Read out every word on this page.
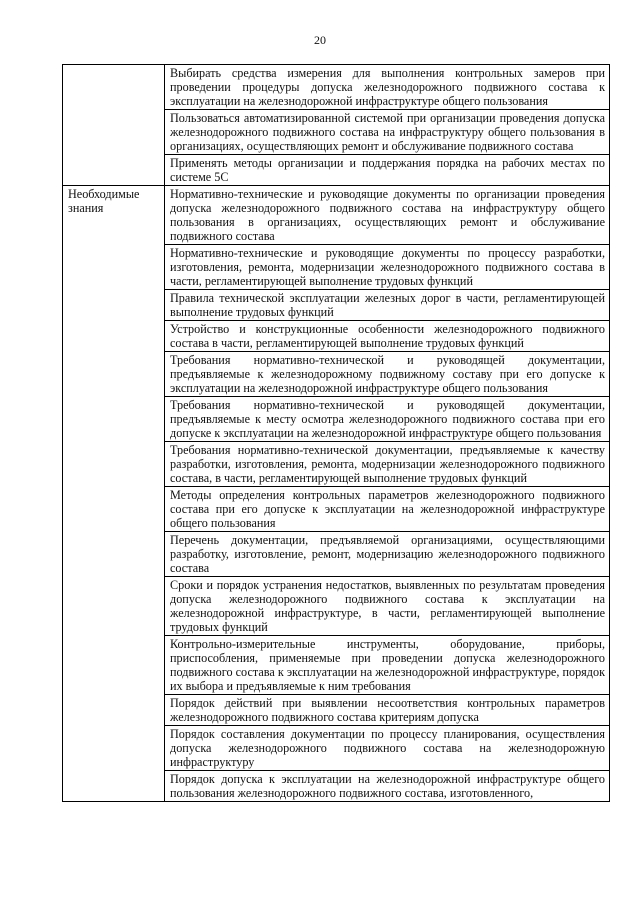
20
	Выбирать средства измерения для выполнения контрольных замеров при проведении процедуры допуска железнодорожного подвижного состава к эксплуатации на железнодорожной инфраструктуре общего пользования
	Пользоваться автоматизированной системой при организации проведения допуска железнодорожного подвижного состава на инфраструктуру общего пользования в организациях, осуществляющих ремонт и обслуживание подвижного состава
	Применять методы организации и поддержания порядка на рабочих местах по системе 5С
Необходимые знания	Нормативно-технические и руководящие документы по организации проведения допуска железнодорожного подвижного состава на инфраструктуру общего пользования в организациях, осуществляющих ремонт и обслуживание подвижного состава
	Нормативно-технические и руководящие документы по процессу разработки, изготовления, ремонта, модернизации железнодорожного подвижного состава в части, регламентирующей выполнение трудовых функций
	Правила технической эксплуатации железных дорог в части, регламентирующей выполнение трудовых функций
	Устройство и конструкционные особенности железнодорожного подвижного состава в части, регламентирующей выполнение трудовых функций
	Требования нормативно-технической и руководящей документации, предъявляемые к железнодорожному подвижному составу при его допуске к эксплуатации на железнодорожной инфраструктуре общего пользования
	Требования нормативно-технической и руководящей документации, предъявляемые к месту осмотра железнодорожного подвижного состава при его допуске к эксплуатации на железнодорожной инфраструктуре общего пользования
	Требования нормативно-технической документации, предъявляемые к качеству разработки, изготовления, ремонта, модернизации железнодорожного подвижного состава, в части, регламентирующей выполнение трудовых функций
	Методы определения контрольных параметров железнодорожного подвижного состава при его допуске к эксплуатации на железнодорожной инфраструктуре общего пользования
	Перечень документации, предъявляемой организациями, осуществляющими разработку, изготовление, ремонт, модернизацию железнодорожного подвижного состава
	Сроки и порядок устранения недостатков, выявленных по результатам проведения допуска железнодорожного подвижного состава к эксплуатации на железнодорожной инфраструктуре, в части, регламентирующей выполнение трудовых функций
	Контрольно-измерительные инструменты, оборудование, приборы, приспособления, применяемые при проведении допуска железнодорожного подвижного состава к эксплуатации на железнодорожной инфраструктуре, порядок их выбора и предъявляемые к ним требования
	Порядок действий при выявлении несоответствия контрольных параметров железнодорожного подвижного состава критериям допуска
	Порядок составления документации по процессу планирования, осуществления допуска железнодорожного подвижного состава на железнодорожную инфраструктуру
	Порядок допуска к эксплуатации на железнодорожной инфраструктуре общего пользования железнодорожного подвижного состава, изготовленного,
